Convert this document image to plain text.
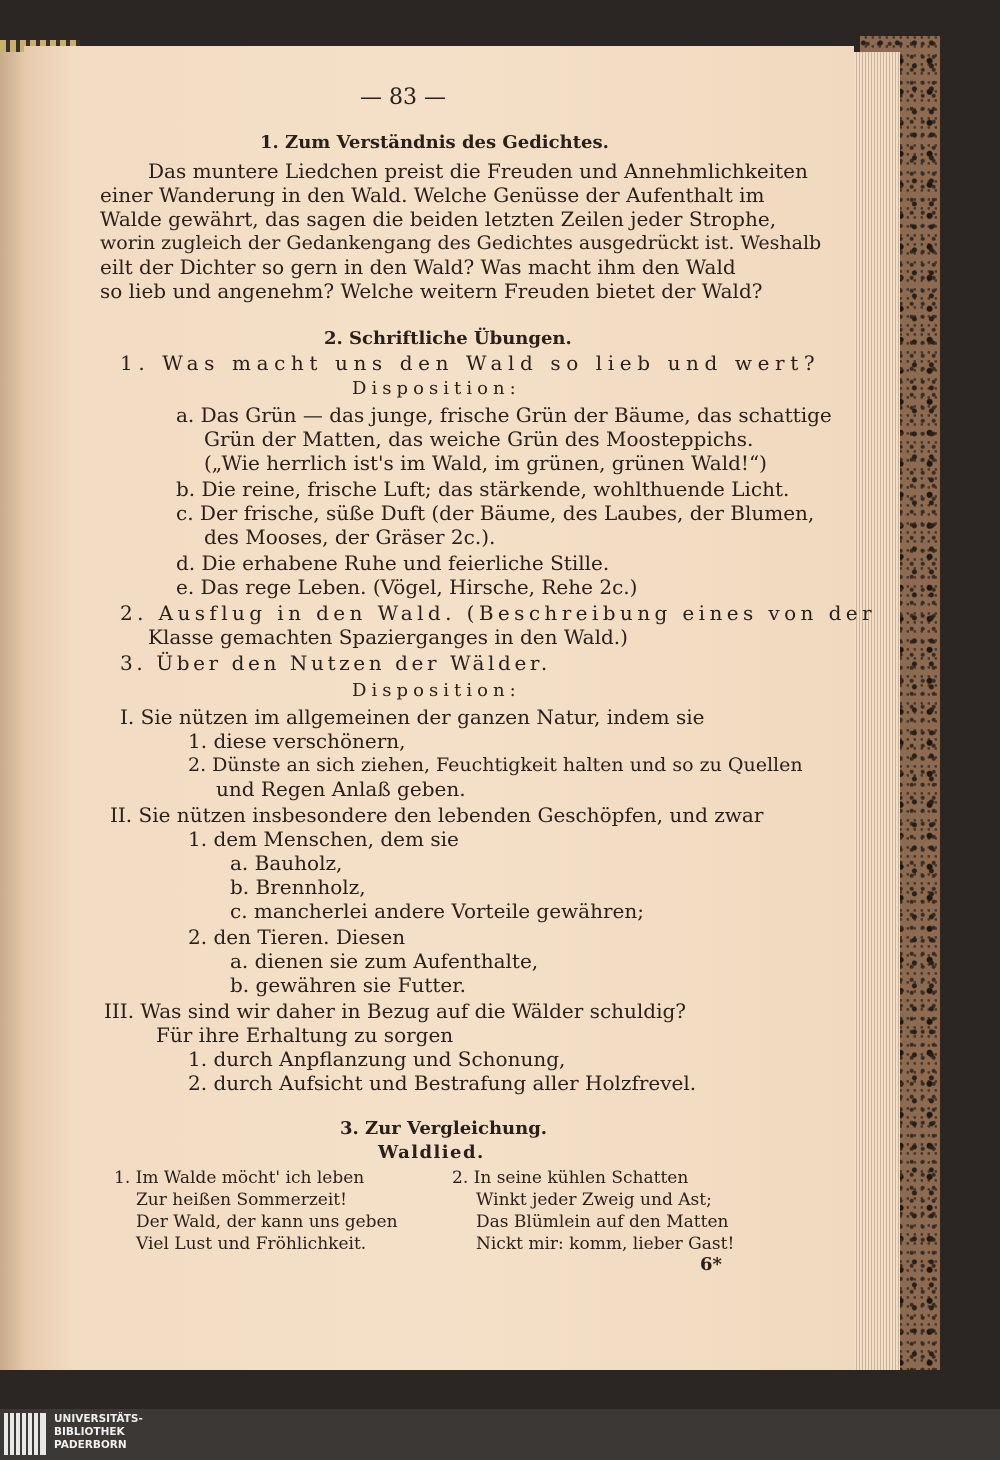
— 83 —
1. Zum Verständnis des Gedichtes.
Das muntere Liedchen preist die Freuden und Annehmlichkeiten
einer Wanderung in den Wald. Welche Genüsse der Aufenthalt im
Walde gewährt, das sagen die beiden letzten Zeilen jeder Strophe,
worin zugleich der Gedankengang des Gedichtes ausgedrückt ist. Weshalb
eilt der Dichter so gern in den Wald? Was macht ihm den Wald
so lieb und angenehm? Welche weitern Freuden bietet der Wald?
2. Schriftliche Übungen.
1. Was macht uns den Wald so lieb und wert?
Disposition:
a. Das Grün — das junge, frische Grün der Bäume, das schattige
Grün der Matten, das weiche Grün des Moosteppichs.
(„Wie herrlich ist's im Wald, im grünen, grünen Wald!“)
b. Die reine, frische Luft; das stärkende, wohlthuende Licht.
c. Der frische, süße Duft (der Bäume, des Laubes, der Blumen,
des Mooses, der Gräser 2c.).
d. Die erhabene Ruhe und feierliche Stille.
e. Das rege Leben. (Vögel, Hirsche, Rehe 2c.)
2. Ausflug in den Wald. (Beschreibung eines von der
Klasse gemachten Spazierganges in den Wald.)
3. Über den Nutzen der Wälder.
Disposition:
I. Sie nützen im allgemeinen der ganzen Natur, indem sie
1. diese verschönern,
2. Dünste an sich ziehen, Feuchtigkeit halten und so zu Quellen
und Regen Anlaß geben.
II. Sie nützen insbesondere den lebenden Geschöpfen, und zwar
1. dem Menschen, dem sie
a. Bauholz,
b. Brennholz,
c. mancherlei andere Vorteile gewähren;
2. den Tieren. Diesen
a. dienen sie zum Aufenthalte,
b. gewähren sie Futter.
III. Was sind wir daher in Bezug auf die Wälder schuldig?
Für ihre Erhaltung zu sorgen
1. durch Anpflanzung und Schonung,
2. durch Aufsicht und Bestrafung aller Holzfrevel.
3. Zur Vergleichung.
Waldlied.
1. Im Walde möcht' ich leben
Zur heißen Sommerzeit!
Der Wald, der kann uns geben
Viel Lust und Fröhlichkeit.
2. In seine kühlen Schatten
Winkt jeder Zweig und Ast;
Das Blümlein auf den Matten
Nickt mir: komm, lieber Gast!
6*
UNIVERSITÄTS-
BIBLIOTHEK
PADERBORN
